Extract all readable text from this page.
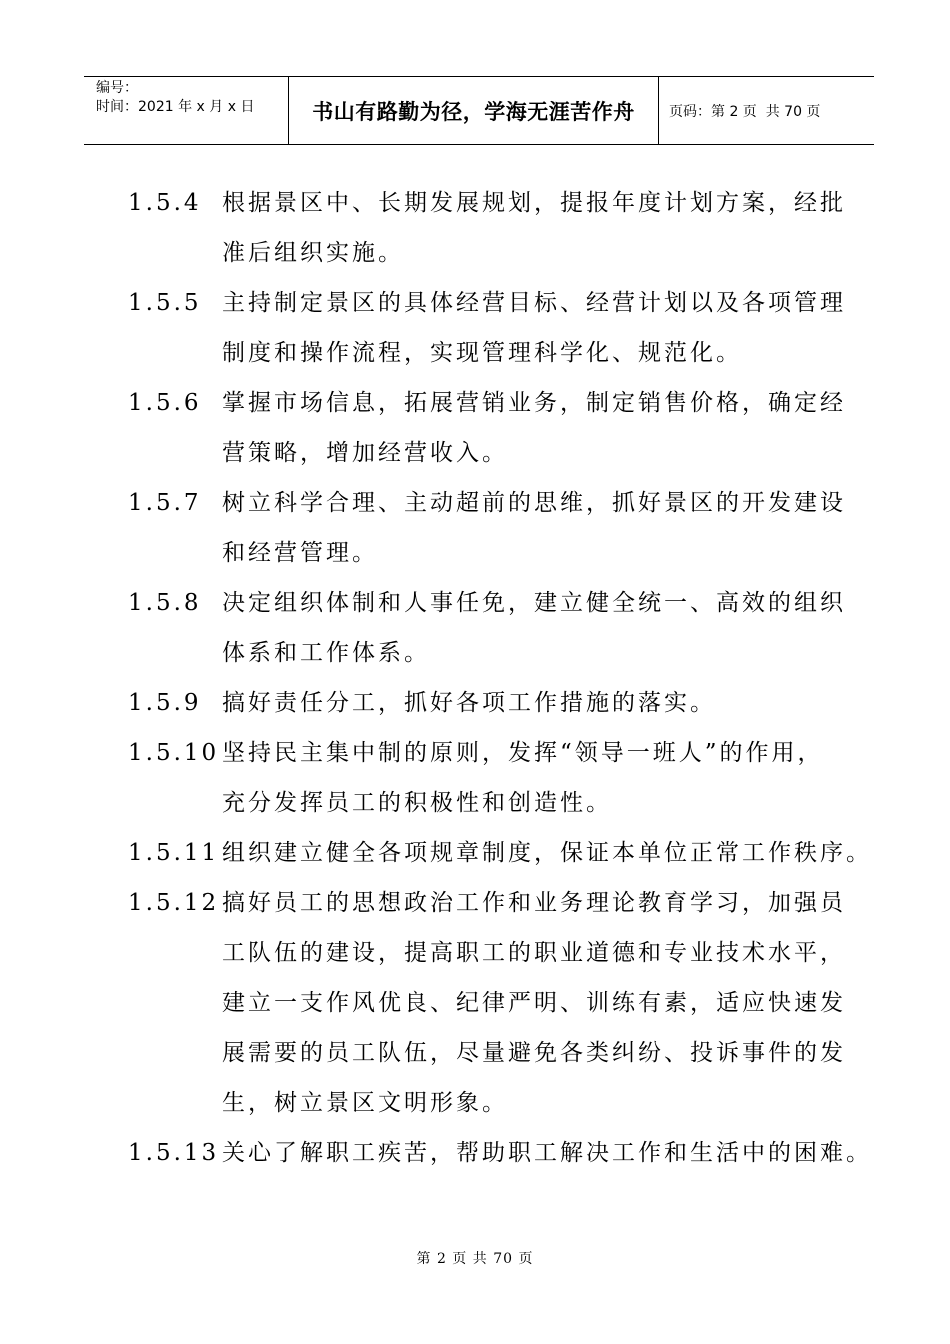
编号：
时间：2021 年 x 月 x 日	书山有路勤为径，学海无涯苦作舟	页码：第 2 页  共 70 页
1.5.4 根据景区中、长期发展规划，提报年度计划方案，经批
准后组织实施。
1.5.5 主持制定景区的具体经营目标、经营计划以及各项管理
制度和操作流程，实现管理科学化、规范化。
1.5.6 掌握市场信息，拓展营销业务，制定销售价格，确定经
营策略，增加经营收入。
1.5.7 树立科学合理、主动超前的思维，抓好景区的开发建设
和经营管理。
1.5.8 决定组织体制和人事任免，建立健全统一、高效的组织
体系和工作体系。
1.5.9 搞好责任分工，抓好各项工作措施的落实。
1.5.10 坚持民主集中制的原则，发挥“领导一班人”的作用，
充分发挥员工的积极性和创造性。
1.5.11 组织建立健全各项规章制度，保证本单位正常工作秩序。
1.5.12 搞好员工的思想政治工作和业务理论教育学习，加强员
工队伍的建设，提高职工的职业道德和专业技术水平，
建立一支作风优良、纪律严明、训练有素，适应快速发
展需要的员工队伍，尽量避免各类纠纷、投诉事件的发
生，树立景区文明形象。
1.5.13 关心了解职工疾苦，帮助职工解决工作和生活中的困难。
第 2 页 共 70 页
